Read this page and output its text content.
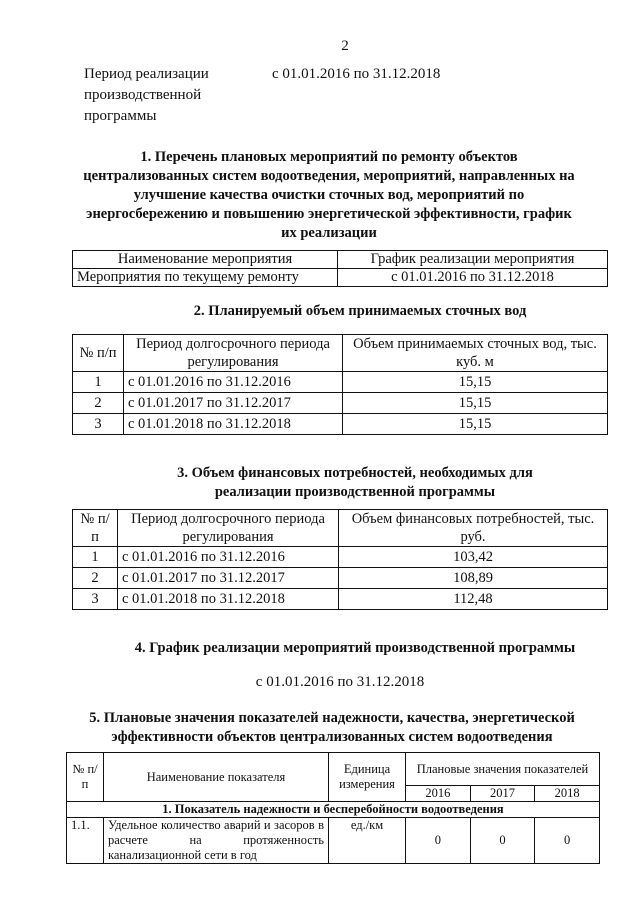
2
Период реализации производственной программы
с 01.01.2016 по 31.12.2018
1. Перечень плановых мероприятий по ремонту объектов централизованных систем водоотведения, мероприятий, направленных на улучшение качества очистки сточных вод, мероприятий по энергосбережению и повышению энергетической эффективности, график их реализации
Наименование мероприятия	График реализации мероприятия
Мероприятия по текущему ремонту	с 01.01.2016 по 31.12.2018
2. Планируемый объем принимаемых сточных вод
№ п/п	Период долгосрочного периода регулирования	Объем принимаемых сточных вод, тыс. куб. м
1	с 01.01.2016 по 31.12.2016	15,15
2	с 01.01.2017 по 31.12.2017	15,15
3	с 01.01.2018 по 31.12.2018	15,15
3. Объем финансовых потребностей, необходимых для реализации производственной программы
№ п/п	Период долгосрочного периода регулирования	Объем финансовых потребностей, тыс. руб.
1	с 01.01.2016 по 31.12.2016	103,42
2	с 01.01.2017 по 31.12.2017	108,89
3	с 01.01.2018 по 31.12.2018	112,48
4. График реализации мероприятий производственной программы
с 01.01.2016 по 31.12.2018
5. Плановые значения показателей надежности, качества, энергетической эффективности объектов централизованных систем водоотведения
№ п/п	Наименование показателя	Единица измерения	Плановые значения показателей		
			2016	2017	2018
1. Показатель надежности и бесперебойности водоотведения					
1.1.	Удельное количество аварий и засоров в расчете на протяженность канализационной сети в год	ед./км	0	0	0
